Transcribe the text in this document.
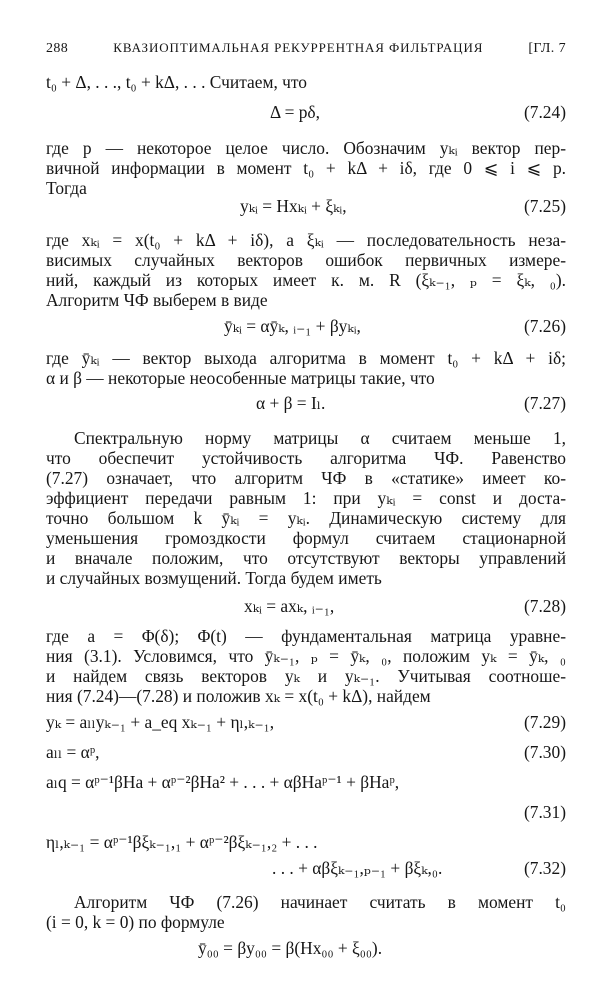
288	КВАЗИОПТИМАЛЬНАЯ РЕКУРРЕНТНАЯ ФИЛЬТРАЦИЯ	[ГЛ. 7
t₀ + Δ, . . ., t₀ + kΔ, . . . Считаем, что
Δ = pδ,	(7.24)
где p — некоторое целое число. Обозначим yₖᵢ вектор пер-
вичной информации в момент t₀ + kΔ + iδ, где 0 ⩽ i ⩽ p.
Тогда
yₖᵢ = Hxₖᵢ + ξₖᵢ,	(7.25)
где xₖᵢ = x(t₀ + kΔ + iδ), а ξₖᵢ — последовательность неза-
висимых случайных векторов ошибок первичных измере-
ний, каждый из которых имеет к. м. R (ξₖ₋₁, ₚ = ξₖ, ₀).
Алгоритм ЧФ выберем в виде
ȳₖᵢ = αȳₖ, ᵢ₋₁ + βyₖᵢ,	(7.26)
где ȳₖᵢ — вектор выхода алгоритма в момент t₀ + kΔ + iδ;
α и β — некоторые неособенные матрицы такие, что
α + β = Iₗ.	(7.27)
Спектральную норму матрицы α считаем меньше 1,
что обеспечит устойчивость алгоритма ЧФ. Равенство
(7.27) означает, что алгоритм ЧФ в «статике» имеет ко-
эффициент передачи равным 1: при yₖᵢ = const и доста-
точно большом k ȳₖᵢ = yₖᵢ. Динамическую систему для
уменьшения громоздкости формул считаем стационарной
и вначале положим, что отсутствуют векторы управлений
и случайных возмущений. Тогда будем иметь
xₖᵢ = axₖ, ᵢ₋₁,	(7.28)
где a = Φ(δ); Φ(t) — фундаментальная матрица уравне-
ния (3.1). Условимся, что ȳₖ₋₁, ₚ = ȳₖ, ₀, положим yₖ = ȳₖ, ₀
и найдем связь векторов yₖ и yₖ₋₁. Учитывая соотноше-
ния (7.24)—(7.28) и положив xₖ = x(t₀ + kΔ), найдем
yₖ = aₗₗyₖ₋₁ + a_eq xₖ₋₁ + ηₗ,ₖ₋₁,	(7.29)
aₗₗ = αᵖ,	(7.30)
aₗq = αᵖ⁻¹βHa + αᵖ⁻²βHa² + . . . + αβHaᵖ⁻¹ + βHaᵖ,
(7.31)
ηₗ,ₖ₋₁ = αᵖ⁻¹βξₖ₋₁,₁ + αᵖ⁻²βξₖ₋₁,₂ + . . .
. . . + αβξₖ₋₁,ₚ₋₁ + βξₖ,₀.	(7.32)
Алгоритм ЧФ (7.26) начинает считать в момент t₀
(i = 0, k = 0) по формуле
ȳ₀₀ = βy₀₀ = β(Hx₀₀ + ξ₀₀).
